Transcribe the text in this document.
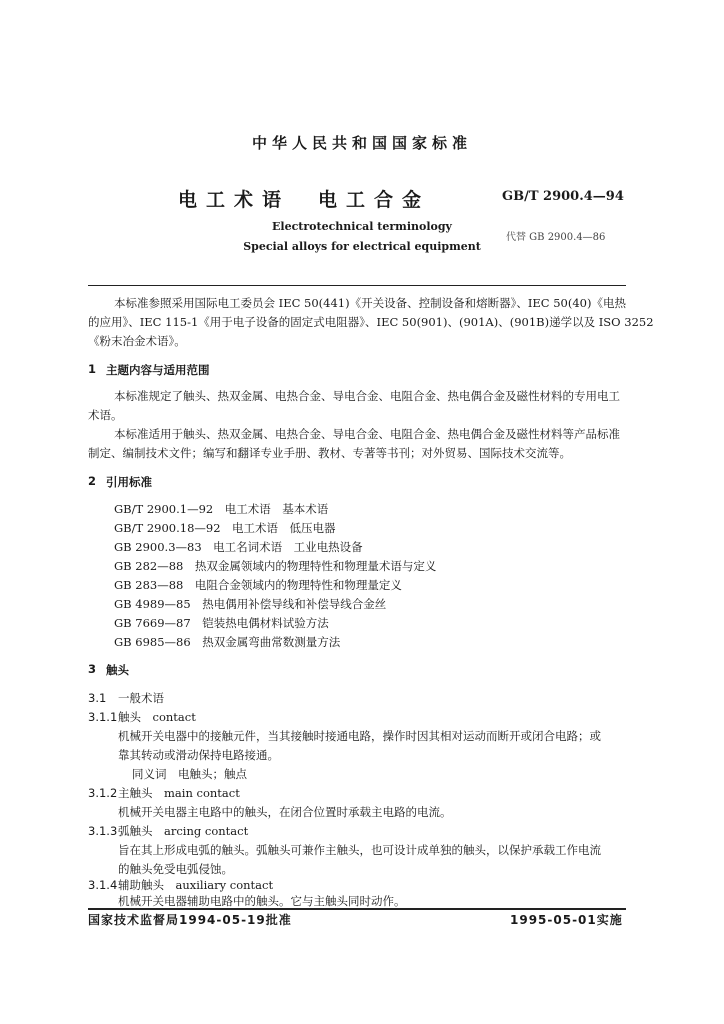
中华人民共和国国家标准
电工术语　电工合金	GB/T 2900.4—94
Electrotechnical terminology
Special alloys for electrical equipment
代替 GB 2900.4—86
本标准参照采用国际电工委员会 IEC 50(441)《开关设备、控制设备和熔断器》、IEC 50(40)《电热
的应用》、IEC 115-1《用于电子设备的固定式电阻器》、IEC 50(901)、(901A)、(901B)递学以及 ISO 3252
《粉末冶金术语》。
1 主题内容与适用范围
本标准规定了触头、热双金属、电热合金、导电合金、电阻合金、热电偶合金及磁性材料的专用电工
术语。
本标准适用于触头、热双金属、电热合金、导电合金、电阻合金、热电偶合金及磁性材料等产品标准
制定、编制技术文件；编写和翻译专业手册、教材、专著等书刊；对外贸易、国际技术交流等。
2 引用标准
GB/T 2900.1—92　电工术语　基本术语
GB/T 2900.18—92　电工术语　低压电器
GB 2900.3—83　电工名词术语　工业电热设备
GB 282—88　热双金属领域内的物理特性和物理量术语与定义
GB 283—88　电阻合金领域内的物理特性和物理量定义
GB 4989—85　热电偶用补偿导线和补偿导线合金丝
GB 7669—87　铠装热电偶材料试验方法
GB 6985—86　热双金属弯曲常数测量方法
3 触头
3.1 一般术语
3.1.1 触头　contact
机械开关电器中的接触元件，当其接触时接通电路，操作时因其相对运动而断开或闭合电路；或
靠其转动或滑动保持电路接通。
同义词　电触头；触点
3.1.2 主触头　main contact
机械开关电器主电路中的触头，在闭合位置时承载主电路的电流。
3.1.3 弧触头　arcing contact
旨在其上形成电弧的触头。弧触头可兼作主触头，也可设计成单独的触头，以保护承载工作电流
的触头免受电弧侵蚀。
3.1.4 辅助触头　auxiliary contact
机械开关电器辅助电路中的触头。它与主触头同时动作。
国家技术监督局1994-05-19批准	1995-05-01实施
